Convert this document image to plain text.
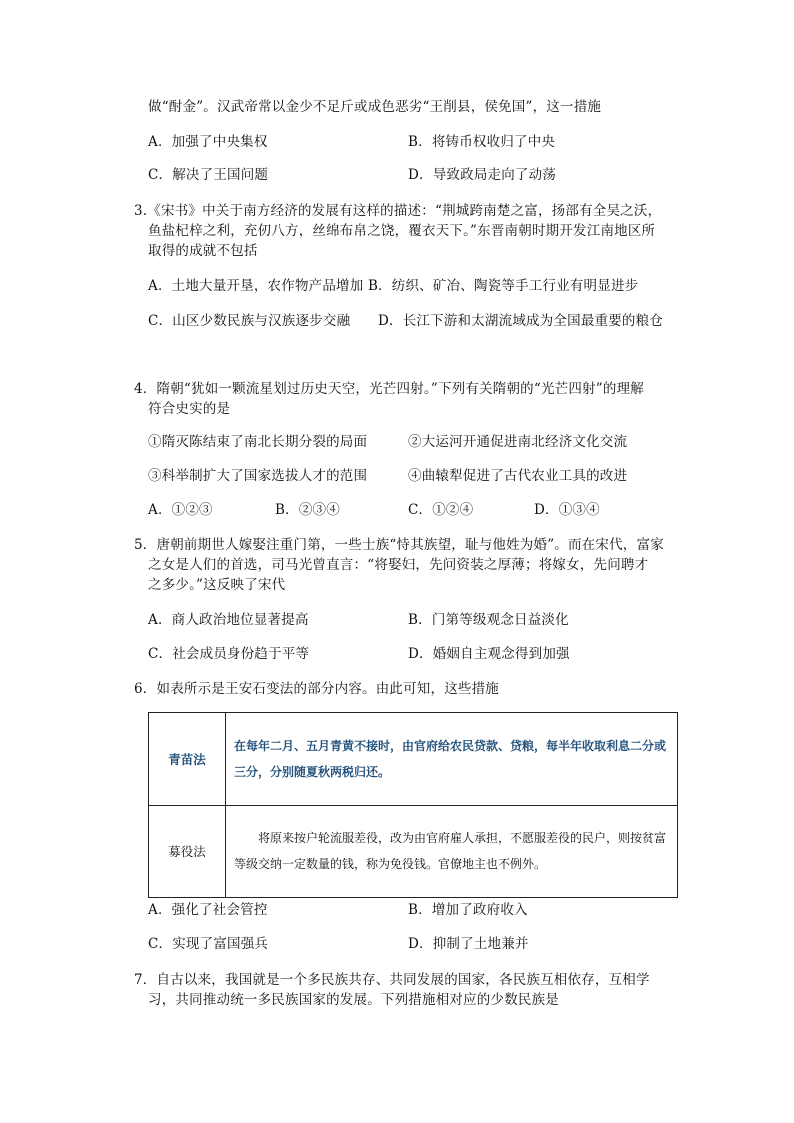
做“酎金”。汉武帝常以金少不足斤或成色恶劣“王削县，侯免国”，这一措施
A．加强了中央集权	B．将铸币权收归了中央
C．解决了王国问题	D．导致政局走向了动荡
3.《宋书》中关于南方经济的发展有这样的描述：“荆城跨南楚之富，扬部有全吴之沃，
鱼盐杞梓之利，充仞八方，丝绵布帛之饶，覆衣天下。”东晋南朝时期开发江南地区所
取得的成就不包括
A．土地大量开垦，农作物产品增加 B．纺织、矿冶、陶瓷等手工行业有明显进步
C．山区少数民族与汉族逐步交融 D．长江下游和太湖流域成为全国最重要的粮仓
4．隋朝“犹如一颗流星划过历史天空，光芒四射。”下列有关隋朝的“光芒四射”的理解
符合史实的是
①隋灭陈结束了南北长期分裂的局面	②大运河开通促进南北经济文化交流
③科举制扩大了国家选拔人才的范围	④曲辕犁促进了古代农业工具的改进
A．①②③	B．②③④	C．①②④	D．①③④
5．唐朝前期世人嫁娶注重门第，一些士族“恃其族望，耻与他姓为婚”。而在宋代，富家
之女是人们的首选，司马光曾直言：“将娶妇，先问资装之厚薄；将嫁女，先问聘才
之多少。”这反映了宋代
A．商人政治地位显著提高	B．门第等级观念日益淡化
C．社会成员身份趋于平等	D．婚姻自主观念得到加强
6．如表所示是王安石变法的部分内容。由此可知，这些措施
青苗法	在每年二月、五月青黄不接时，由官府给农民贷款、贷粮，每半年收取利息二分或三分，分别随夏秋两税归还。
募役法	将原来按户轮流服差役，改为由官府雇人承担，不愿服差役的民户，则按贫富等级交纳一定数量的钱，称为免役钱。官僚地主也不例外。
A．强化了社会管控	B．增加了政府收入
C．实现了富国强兵	D．抑制了土地兼并
7．自古以来，我国就是一个多民族共存、共同发展的国家，各民族互相依存，互相学
习，共同推动统一多民族国家的发展。下列措施相对应的少数民族是
